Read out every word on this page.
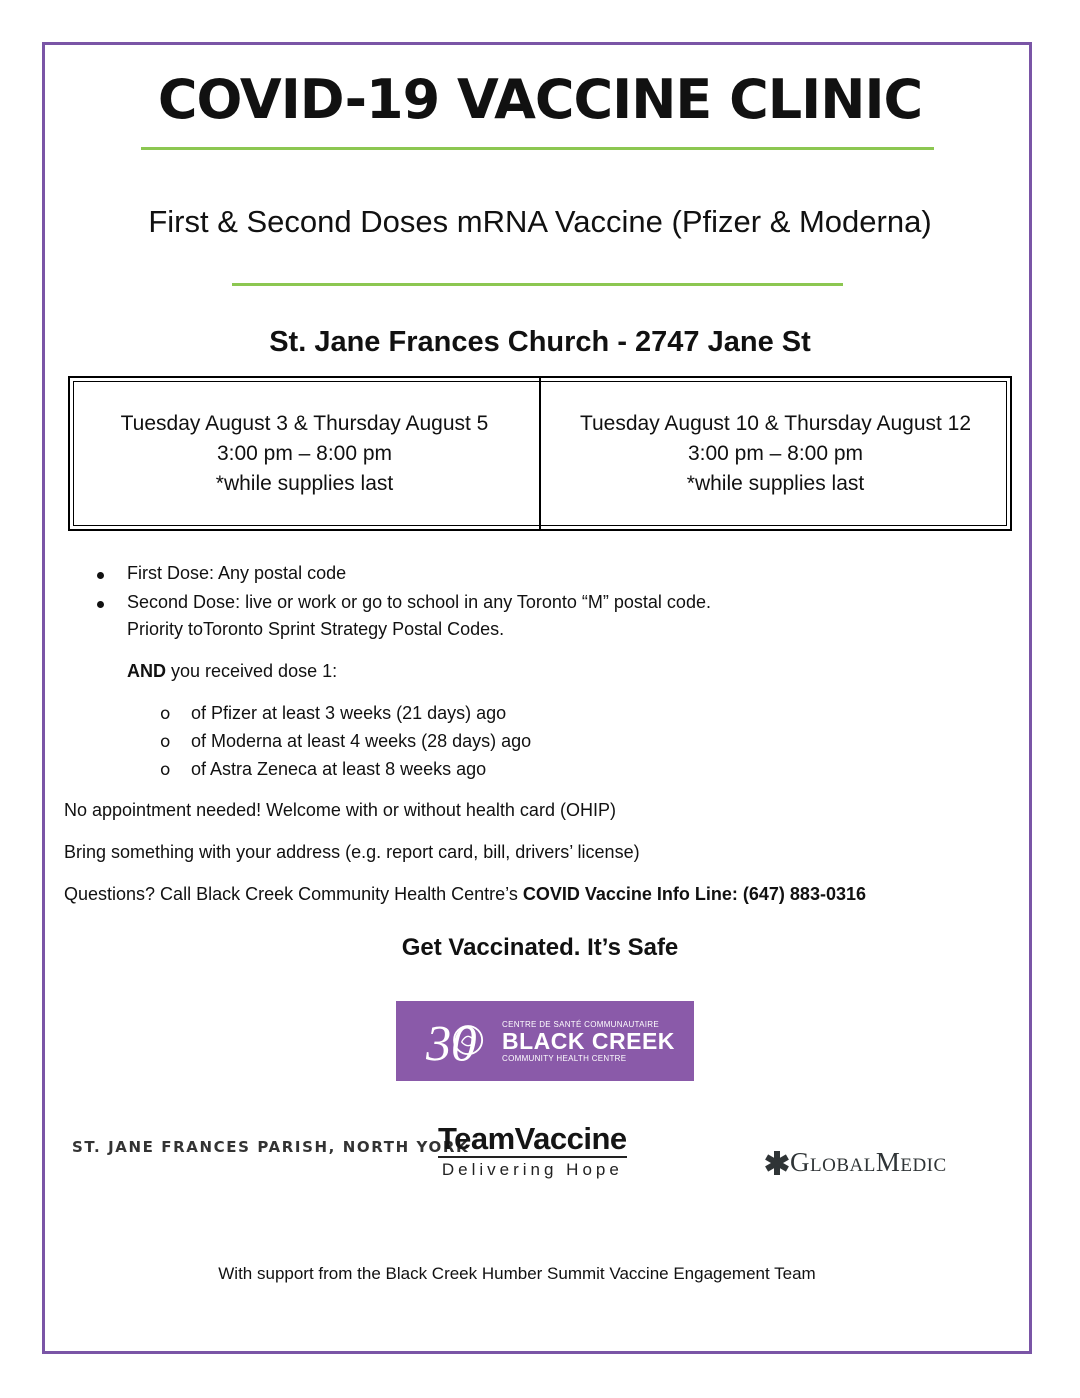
COVID-19 VACCINE CLINIC
First & Second Doses mRNA Vaccine (Pfizer & Moderna)
St. Jane Frances Church - 2747 Jane St
Tuesday August 3 & Thursday August 5
3:00 pm – 8:00 pm
*while supplies last
Tuesday August 10 & Thursday August 12
3:00 pm – 8:00 pm
*while supplies last
First Dose: Any postal code
Second Dose: live or work or go to school in any Toronto “M” postal code.
Priority toToronto Sprint Strategy Postal Codes.
AND you received dose 1:
o of Pfizer at least 3 weeks (21 days) ago
o of Moderna at least 4 weeks (28 days) ago
o of Astra Zeneca at least 8 weeks ago
No appointment needed! Welcome with or without health card (OHIP)
Bring something with your address (e.g. report card, bill, drivers’ license)
Questions? Call Black Creek Community Health Centre’s COVID Vaccine Info Line: (647) 883-0316
Get Vaccinated. It’s Safe
30	CENTRE DE SANTÉ COMMUNAUTAIRE
BLACK CREEK
COMMUNITY HEALTH CENTRE
ST. JANE FRANCES PARISH, NORTH YORK
TeamVaccine
Delivering Hope	GlobalMedic
With support from the Black Creek Humber Summit Vaccine Engagement Team
